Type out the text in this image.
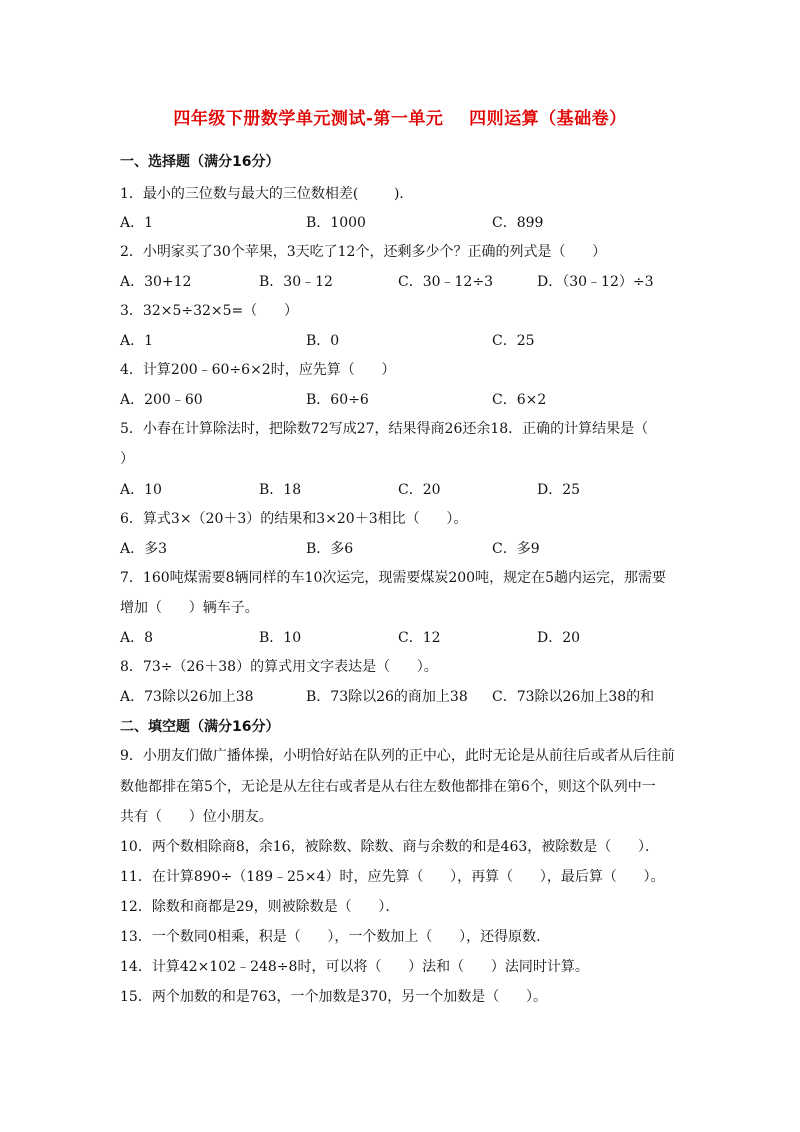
四年级下册数学单元测试-第一单元    四则运算（基础卷）
一、选择题（满分16分）
1．最小的三位数与最大的三位数相差(        )．
A．1	B．1000	C．899
2．小明家买了30个苹果，3天吃了12个，还剩多少个？正确的列式是（      ）
A．30+12	B．30﹣12	C．30﹣12÷3	D．（30﹣12）÷3
3．32×5÷32×5=（      ）
A．1	B．0	C．25
4．计算200﹣60÷6×2时，应先算（      ）
A．200﹣60	B．60÷6	C．6×2
5．小春在计算除法时，把除数72写成27，结果得商26还余18．正确的计算结果是（
）
A．10	B．18	C．20	D．25
6．算式3×（20＋3）的结果和3×20＋3相比（      ）。
A．多3	B．多6	C．多9
7．160吨煤需要8辆同样的车10次运完，现需要煤炭200吨，规定在5趟内运完，那需要
增加（      ）辆车子。
A．8	B．10	C．12	D．20
8．73÷（26＋38）的算式用文字表达是（      ）。
A．73除以26加上38	B．73除以26的商加上38 C．73除以26加上38的和
二、填空题（满分16分）
9．小朋友们做广播体操，小明恰好站在队列的正中心，此时无论是从前往后或者从后往前
数他都排在第5个，无论是从左往右或者是从右往左数他都排在第6个，则这个队列中一
共有（      ）位小朋友。
10．两个数相除商8，余16，被除数、除数、商与余数的和是463，被除数是（      ）．
11．在计算890÷（189﹣25×4）时，应先算（      ），再算（      ），最后算（      ）。
12．除数和商都是29，则被除数是（      ）．
13．一个数同0相乘，积是（      ），一个数加上（      ），还得原数．
14．计算42×102﹣248÷8时，可以将（      ）法和（      ）法同时计算。
15．两个加数的和是763，一个加数是370，另一个加数是（      ）。
